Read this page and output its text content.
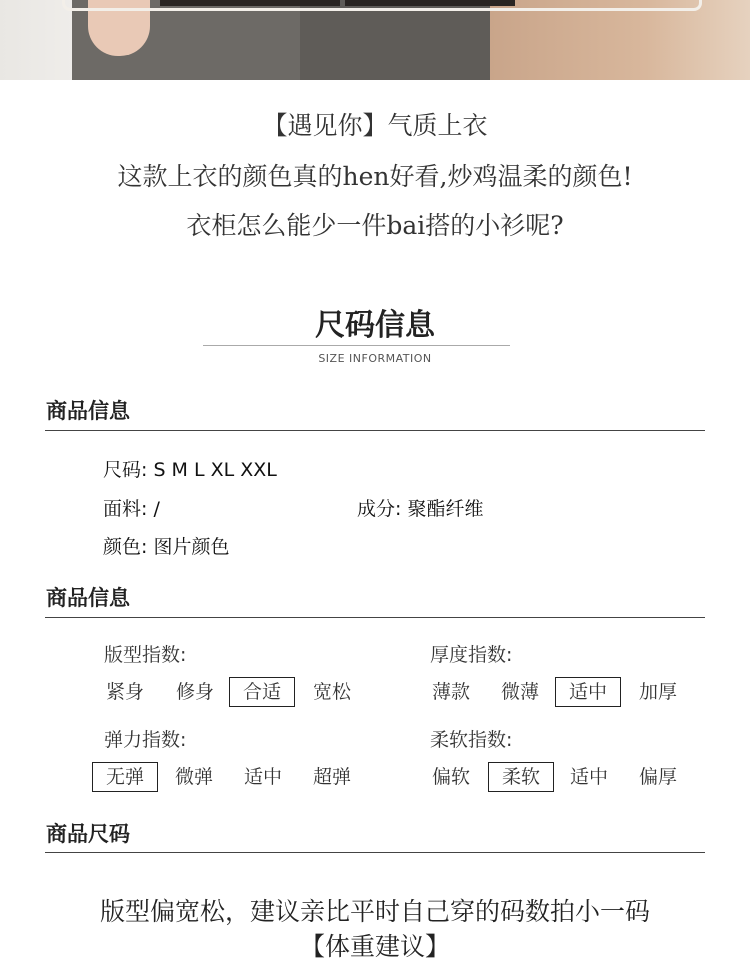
【遇见你】气质上衣
这款上衣的颜色真的hen好看,炒鸡温柔的颜色!
衣柜怎么能少一件bai搭的小衫呢?
尺码信息
SIZE INFORMATION
商品信息
尺码: S M L XL XXL
面料: /	成分: 聚酯纤维
颜色: 图片颜色
商品信息
版型指数:
紧身	修身	合适	宽松
厚度指数:
薄款	微薄	适中	加厚
弹力指数:
无弹	微弹	适中	超弹
柔软指数:
偏软	柔软	适中	偏厚
商品尺码
版型偏宽松，建议亲比平时自己穿的码数拍小一码
【体重建议】
